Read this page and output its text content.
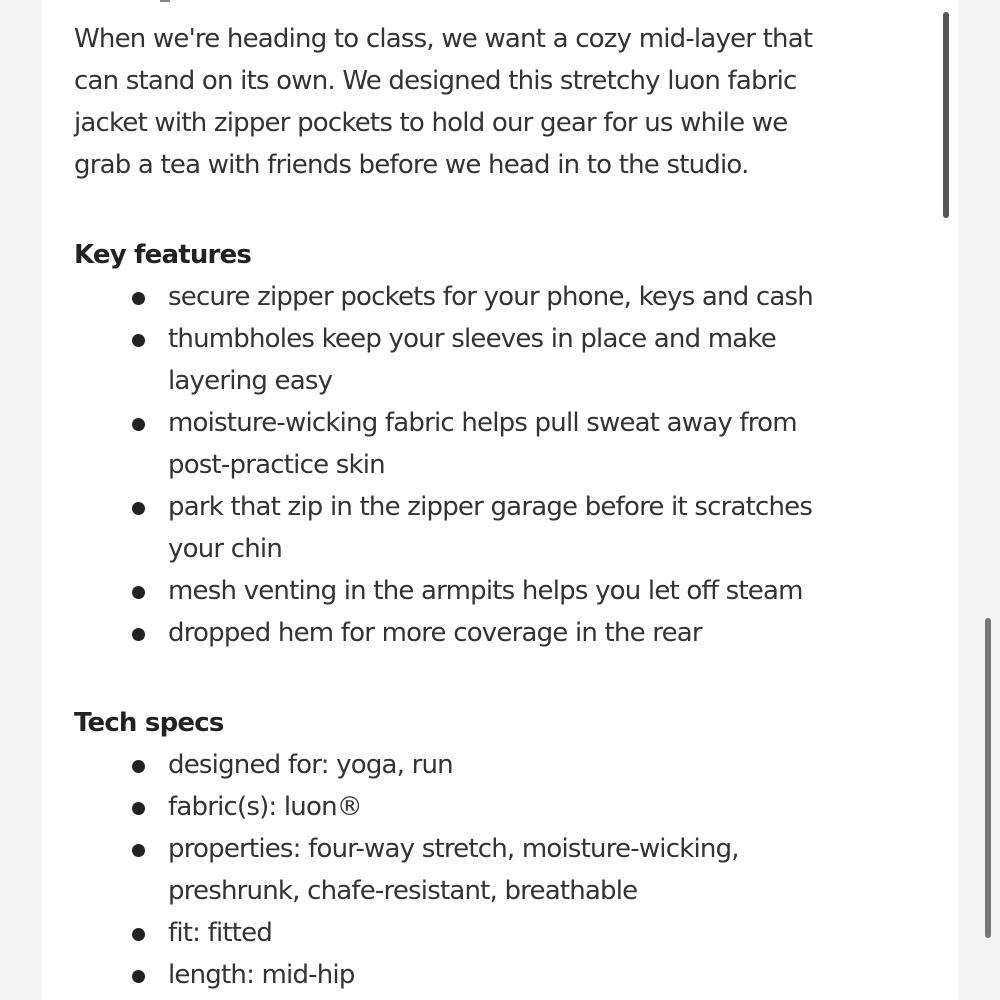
When we're heading to class, we want a cozy mid-layer that
can stand on its own. We designed this stretchy luon fabric
jacket with zipper pockets to hold our gear for us while we
grab a tea with friends before we head in to the studio.

Key features
secure zipper pockets for your phone, keys and cash
thumbholes keep your sleeves in place and make
layering easy
moisture-wicking fabric helps pull sweat away from
post-practice skin
park that zip in the zipper garage before it scratches
your chin
mesh venting in the armpits helps you let off steam
dropped hem for more coverage in the rear
Tech specs
designed for: yoga, run
fabric(s): luon®
properties: four-way stretch, moisture-wicking,
preshrunk, chafe-resistant, breathable
fit: fitted
length: mid-hip
